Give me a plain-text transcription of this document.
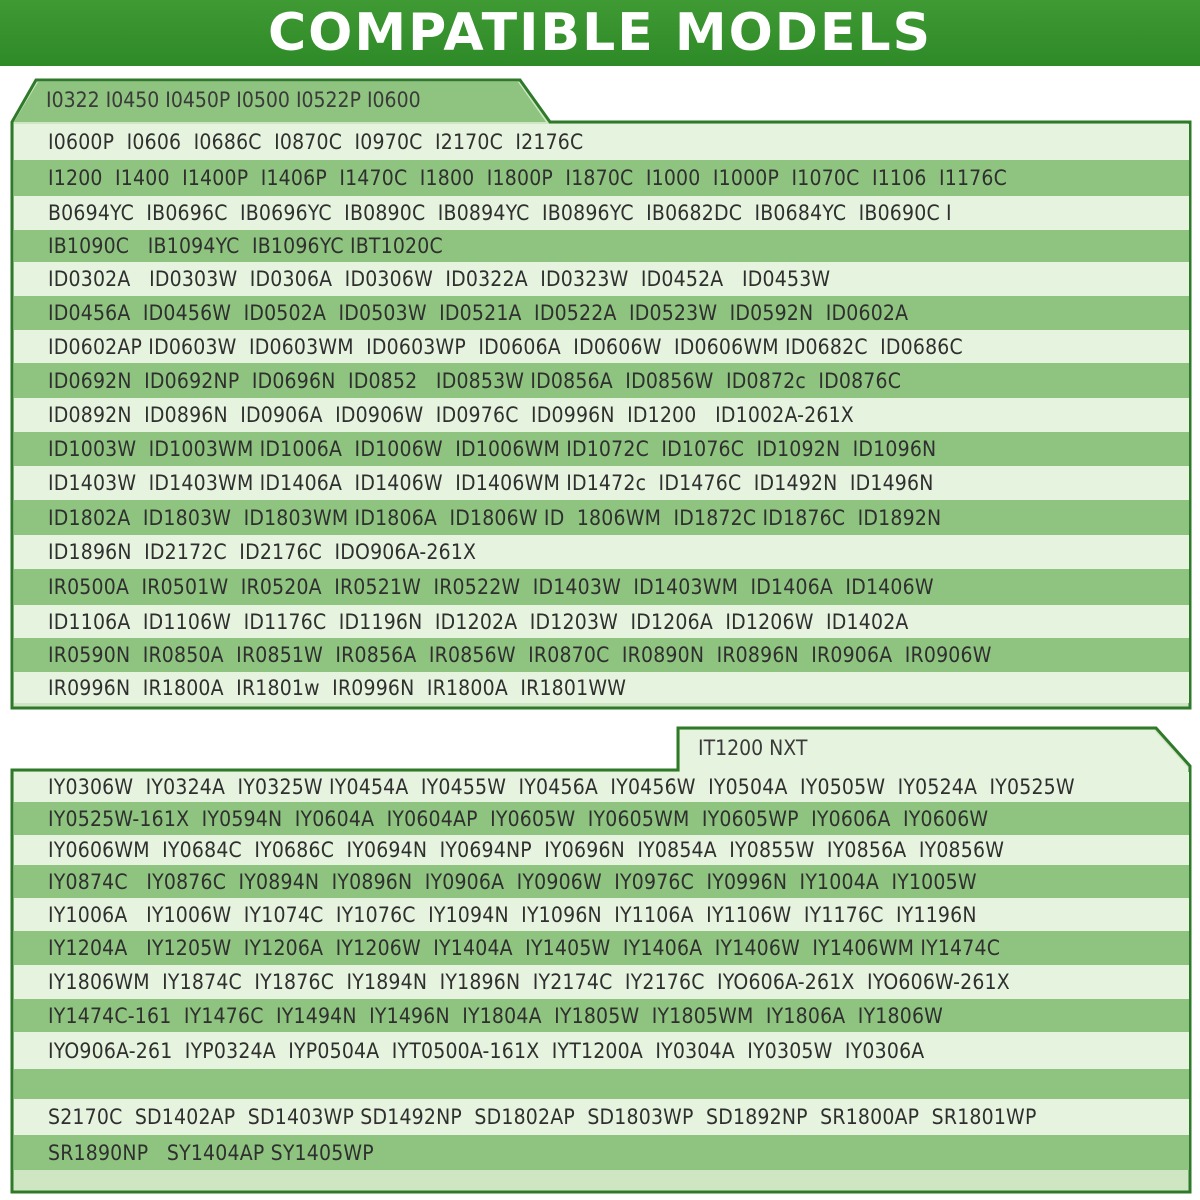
COMPATIBLE MODELS
I0322 I0450 I0450P I0500 I0522P I0600
I0600P  I0606  I0686C  I0870C  I0970C  I2170C  I2176C
I1200  I1400  I1400P  I1406P  I1470C  I1800  I1800P  I1870C  I1000  I1000P  I1070C  I1106  I1176C
B0694YC  IB0696C  IB0696YC  IB0890C  IB0894YC  IB0896YC  IB0682DC  IB0684YC  IB0690C I
IB1090C   IB1094YC  IB1096YC IBT1020C
ID0302A   ID0303W  ID0306A  ID0306W  ID0322A  ID0323W  ID0452A   ID0453W
ID0456A  ID0456W  ID0502A  ID0503W  ID0521A  ID0522A  ID0523W  ID0592N  ID0602A
ID0602AP ID0603W  ID0603WM  ID0603WP  ID0606A  ID0606W  ID0606WM ID0682C  ID0686C
ID0692N  ID0692NP  ID0696N  ID0852   ID0853W ID0856A  ID0856W  ID0872c  ID0876C
ID0892N  ID0896N  ID0906A  ID0906W  ID0976C  ID0996N  ID1200   ID1002A-261X
ID1003W  ID1003WM ID1006A  ID1006W  ID1006WM ID1072C  ID1076C  ID1092N  ID1096N
ID1403W  ID1403WM ID1406A  ID1406W  ID1406WM ID1472c  ID1476C  ID1492N  ID1496N
ID1802A  ID1803W  ID1803WM ID1806A  ID1806W ID  1806WM  ID1872C ID1876C  ID1892N
ID1896N  ID2172C  ID2176C  IDO906A-261X
IR0500A  IR0501W  IR0520A  IR0521W  IR0522W  ID1403W  ID1403WM  ID1406A  ID1406W
ID1106A  ID1106W  ID1176C  ID1196N  ID1202A  ID1203W  ID1206A  ID1206W  ID1402A
IR0590N  IR0850A  IR0851W  IR0856A  IR0856W  IR0870C  IR0890N  IR0896N  IR0906A  IR0906W
IR0996N  IR1800A  IR1801w  IR0996N  IR1800A  IR1801WW
IT1200 NXT
IY0306W  IY0324A  IY0325W IY0454A  IY0455W  IY0456A  IY0456W  IY0504A  IY0505W  IY0524A  IY0525W
IY0525W-161X  IY0594N  IY0604A  IY0604AP  IY0605W  IY0605WM  IY0605WP  IY0606A  IY0606W
IY0606WM  IY0684C  IY0686C  IY0694N  IY0694NP  IY0696N  IY0854A  IY0855W  IY0856A  IY0856W
IY0874C   IY0876C  IY0894N  IY0896N  IY0906A  IY0906W  IY0976C  IY0996N  IY1004A  IY1005W
IY1006A   IY1006W  IY1074C  IY1076C  IY1094N  IY1096N  IY1106A  IY1106W  IY1176C  IY1196N
IY1204A   IY1205W  IY1206A  IY1206W  IY1404A  IY1405W  IY1406A  IY1406W  IY1406WM IY1474C
IY1806WM  IY1874C  IY1876C  IY1894N  IY1896N  IY2174C  IY2176C  IYO606A-261X  IYO606W-261X
IY1474C-161  IY1476C  IY1494N  IY1496N  IY1804A  IY1805W  IY1805WM  IY1806A  IY1806W
IYO906A-261  IYP0324A  IYP0504A  IYT0500A-161X  IYT1200A  IY0304A  IY0305W  IY0306A
S2170C  SD1402AP  SD1403WP SD1492NP  SD1802AP  SD1803WP  SD1892NP  SR1800AP  SR1801WP
SR1890NP   SY1404AP SY1405WP
